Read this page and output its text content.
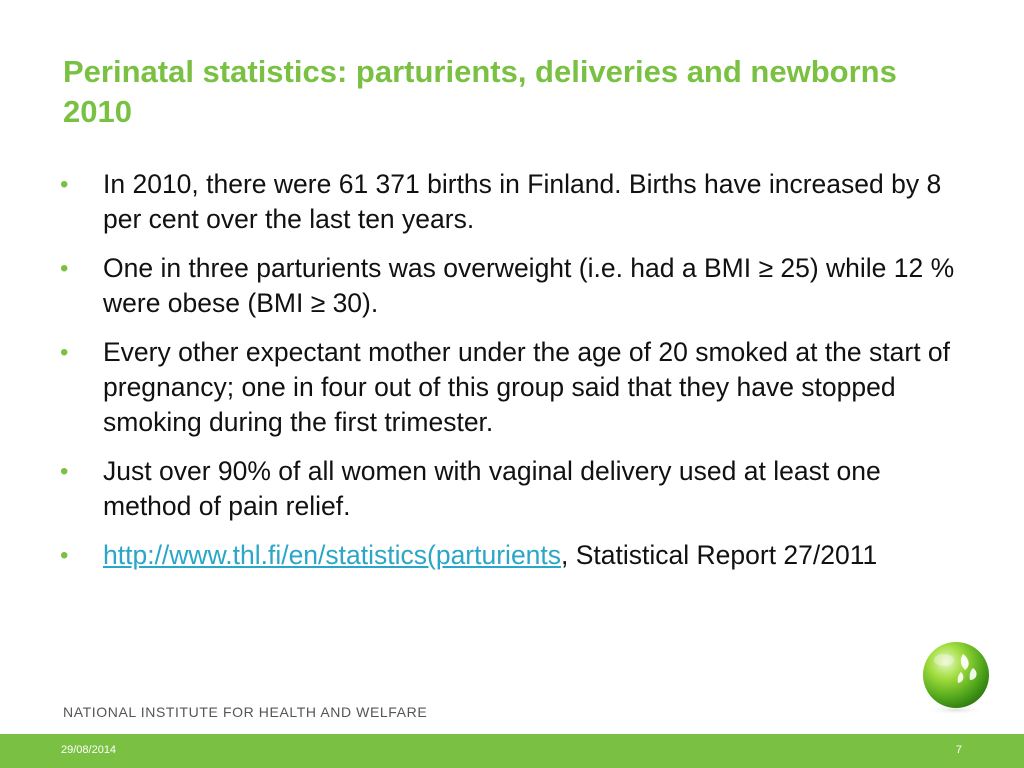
Perinatal statistics: parturients, deliveries and newborns 2010
• In 2010, there were 61 371 births in Finland. Births have increased by 8 per cent over the last ten years.
• One in three parturients was overweight (i.e. had a BMI ≥ 25) while 12 % were obese (BMI ≥ 30).
• Every other expectant mother under the age of 20 smoked at the start of pregnancy; one in four out of this group said that they have stopped smoking during the first trimester.
• Just over 90% of all women with vaginal delivery used at least one method of pain relief.
• http://www.thl.fi/en/statistics(parturients, Statistical Report 27/2011
NATIONAL INSTITUTE FOR HEALTH AND WELFARE
29/08/2014	7
